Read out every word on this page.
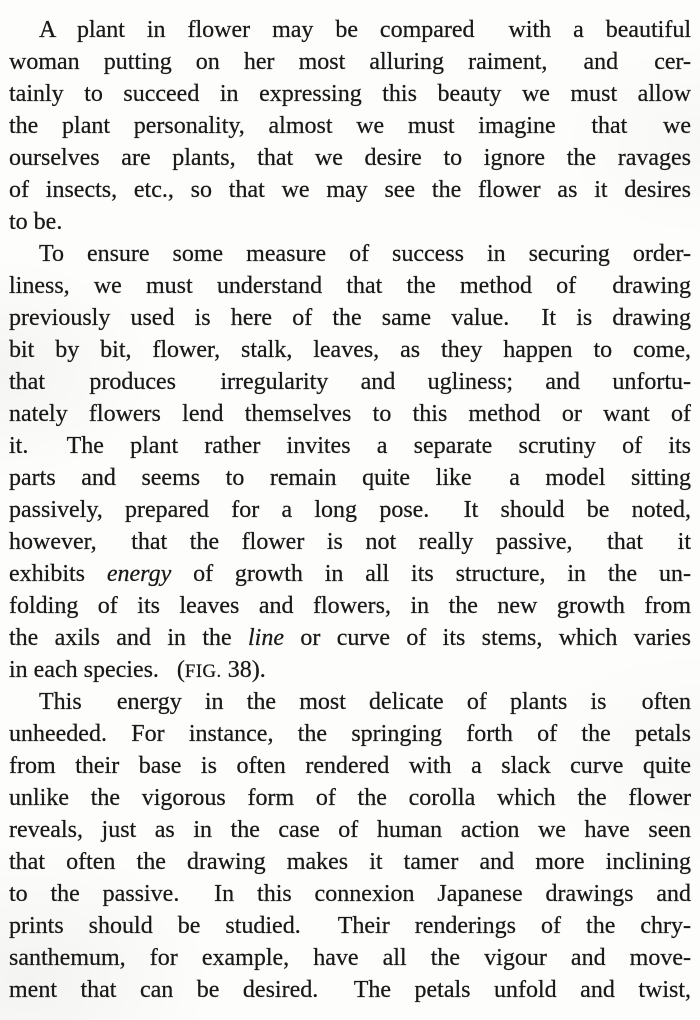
A plant in flower may be compared  with a beautiful
woman putting on her most alluring raiment,  and  cer-
tainly to succeed in expressing this beauty we must allow
the plant personality, almost we must imagine  that  we
ourselves are plants, that we desire to ignore the ravages
of insects, etc., so that we may see the flower as it desires
to be.
To ensure some measure of success in securing order-
liness, we must understand that the method of  drawing
previously used is here of the same value.  It is drawing
bit by bit, flower, stalk, leaves, as they happen to come,
that  produces  irregularity and ugliness; and unfortu-
nately flowers lend themselves to this method or want of
it.  The plant rather invites a separate scrutiny of its
parts and seems to remain quite like  a model sitting
passively, prepared for a long pose.  It should be noted,
however,  that the flower is not really passive,  that  it
exhibits energy of growth in all its structure, in the un-
folding of its leaves and flowers, in the new growth from
the axils and in the line or curve of its stems, which varies
in each species.  (FIG. 38).
This  energy in the most delicate of plants is  often
unheeded. For instance, the springing forth of the petals
from their base is often rendered with a slack curve quite
unlike the vigorous form of the corolla which the flower
reveals, just as in the case of human action we have seen
that often the drawing makes it tamer and more inclining
to the passive.  In this connexion Japanese drawings and
prints should be studied.  Their renderings of the chry-
santhemum, for example, have all the vigour and move-
ment that can be desired.  The petals unfold and twist,
